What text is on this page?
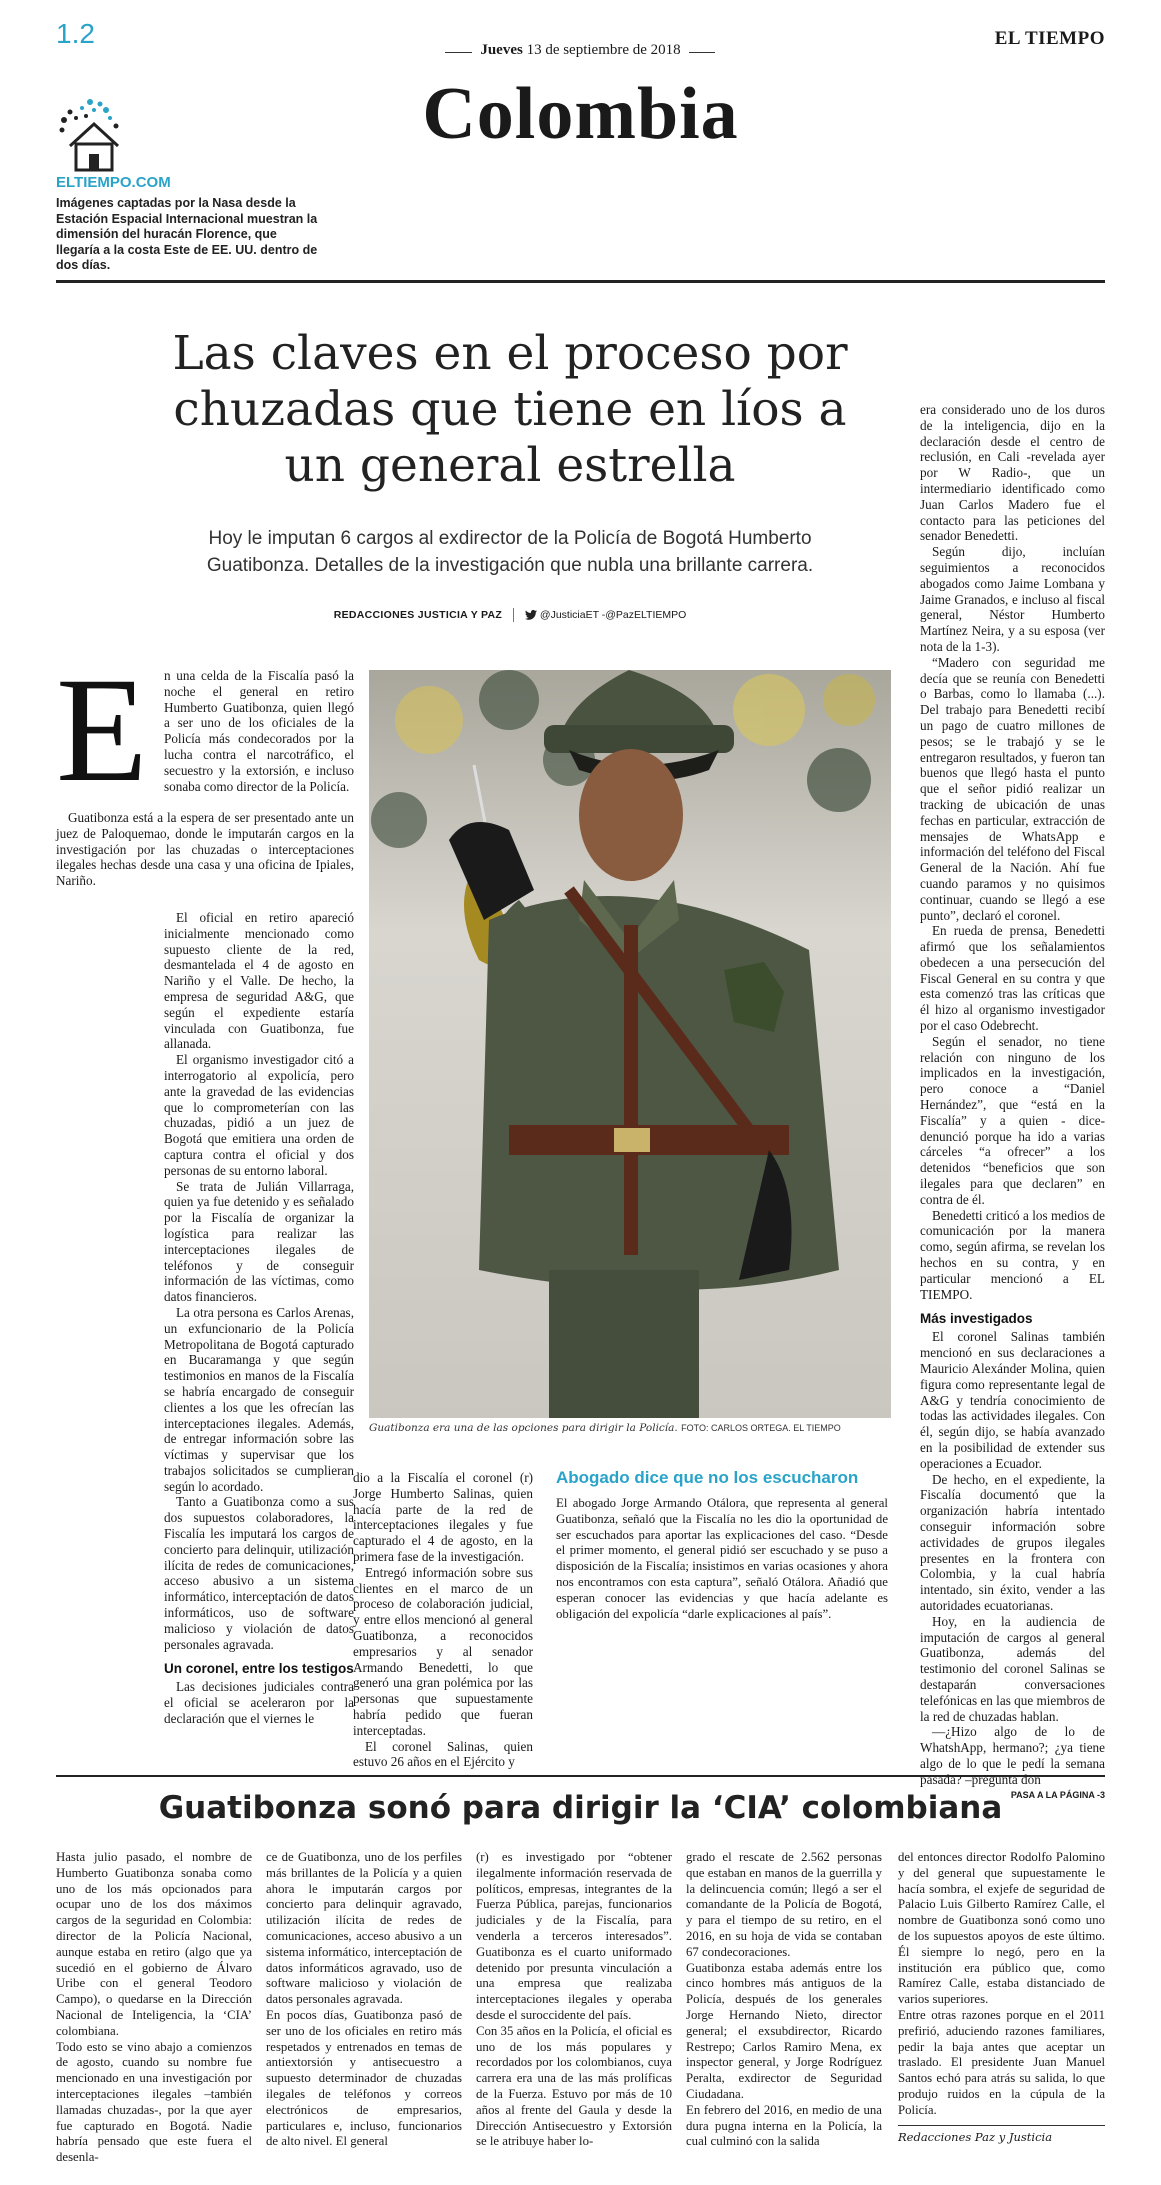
1.2
Jueves 13 de septiembre de 2018
EL TIEMPO
Colombia
ELTIEMPO.COM
Imágenes captadas por la Nasa desde la Estación Espacial Internacional muestran la dimensión del huracán Florence, que llegaría a la costa Este de EE. UU. dentro de dos días.
Las claves en el proceso por chuzadas que tiene en líos a un general estrella
Hoy le imputan 6 cargos al exdirector de la Policía de Bogotá Humberto Guatibonza. Detalles de la investigación que nubla una brillante carrera.
REDACCIONES JUSTICIA Y PAZ	@JusticiaET -@PazELTIEMPO
E n una celda de la Fiscalía pasó la noche el general en retiro Humberto Guatibonza, quien llegó a ser uno de los oficiales de la Policía más condecorados por la lucha contra el narcotráfico, el secuestro y la extorsión, e incluso sonaba como director de la Policía.

Guatibonza está a la espera de ser presentado ante un juez de Paloquemao, donde le imputarán cargos en la investigación por las chuzadas o interceptaciones ilegales hechas desde una casa y una oficina de Ipiales, Nariño.

El oficial en retiro apareció inicialmente mencionado como supuesto cliente de la red, desmantelada el 4 de agosto en Nariño y el Valle. De hecho, la empresa de seguridad A&G, que según el expediente estaría vinculada con Guatibonza, fue allanada.

El organismo investigador citó a interrogatorio al expolicía, pero ante la gravedad de las evidencias que lo comprometerían con las chuzadas, pidió a un juez de Bogotá que emitiera una orden de captura contra el oficial y dos personas de su entorno laboral.

Se trata de Julián Villarraga, quien ya fue detenido y es señalado por la Fiscalía de organizar la logística para realizar las interceptaciones ilegales de teléfonos y de conseguir información de las víctimas, como datos financieros.

La otra persona es Carlos Arenas, un exfuncionario de la Policía Metropolitana de Bogotá capturado en Bucaramanga y que según testimonios en manos de la Fiscalía se habría encargado de conseguir clientes a los que les ofrecían las interceptaciones ilegales. Además, de entregar información sobre las víctimas y supervisar que los trabajos solicitados se cumplieran según lo acordado.

Tanto a Guatibonza como a sus dos supuestos colaboradores, la Fiscalía les imputará los cargos de concierto para delinquir, utilización ilícita de redes de comunicaciones, acceso abusivo a un sistema informático, interceptación de datos informáticos, uso de software malicioso y violación de datos personales agravada.

Un coronel, entre los testigos

Las decisiones judiciales contra el oficial se aceleraron por la declaración que el viernes le

Guatibonza era una de las opciones para dirigir la Policía. FOTO: CARLOS ORTEGA. EL TIEMPO

dio a la Fiscalía el coronel (r) Jorge Humberto Salinas, quien hacía parte de la red de interceptaciones ilegales y fue capturado el 4 de agosto, en la primera fase de la investigación.

Entregó información sobre sus clientes en el marco de un proceso de colaboración judicial, y entre ellos mencionó al general Guatibonza, a reconocidos empresarios y al senador Armando Benedetti, lo que generó una gran polémica por las personas que supuestamente habría pedido que fueran interceptadas.

El coronel Salinas, quien estuvo 26 años en el Ejército y

Abogado dice que no los escucharon

El abogado Jorge Armando Otálora, que representa al general Guatibonza, señaló que la Fiscalía no les dio la oportunidad de ser escuchados para aportar las explicaciones del caso. “Desde el primer momento, el general pidió ser escuchado y se puso a disposición de la Fiscalía; insistimos en varias ocasiones y ahora nos encontramos con esta captura”, señaló Otálora. Añadió que esperan conocer las evidencias y que hacía adelante es obligación del expolicía “darle explicaciones al país”.

era considerado uno de los duros de la inteligencia, dijo en la declaración desde el centro de reclusión, en Cali -revelada ayer por W Radio-, que un intermediario identificado como Juan Carlos Madero fue el contacto para las peticiones del senador Benedetti.

Según dijo, incluían seguimientos a reconocidos abogados como Jaime Lombana y Jaime Granados, e incluso al fiscal general, Néstor Humberto Martínez Neira, y a su esposa (ver nota de la 1-3).

“Madero con seguridad me decía que se reunía con Benedetti o Barbas, como lo llamaba (...). Del trabajo para Benedetti recibí un pago de cuatro millones de pesos; se le trabajó y se le entregaron resultados, y fueron tan buenos que llegó hasta el punto que el señor pidió realizar un tracking de ubicación de unas fechas en particular, extracción de mensajes de WhatsApp e información del teléfono del Fiscal General de la Nación. Ahí fue cuando paramos y no quisimos continuar, cuando se llegó a ese punto”, declaró el coronel.

En rueda de prensa, Benedetti afirmó que los señalamientos obedecen a una persecución del Fiscal General en su contra y que esta comenzó tras las críticas que él hizo al organismo investigador por el caso Odebrecht.

Según el senador, no tiene relación con ninguno de los implicados en la investigación, pero conoce a “Daniel Hernández”, que “está en la Fiscalía” y a quien - dice- denunció porque ha ido a varias cárceles “a ofrecer” a los detenidos “beneficios que son ilegales para que declaren” en contra de él.

Benedetti criticó a los medios de comunicación por la manera como, según afirma, se revelan los hechos en su contra, y en particular mencionó a EL TIEMPO.

Más investigados

El coronel Salinas también mencionó en sus declaraciones a Mauricio Alexánder Molina, quien figura como representante legal de A&G y tendría conocimiento de todas las actividades ilegales. Con él, según dijo, se había avanzado en la posibilidad de extender sus operaciones a Ecuador.

De hecho, en el expediente, la Fiscalía documentó que la organización habría intentado conseguir información sobre actividades de grupos ilegales presentes en la frontera con Colombia, y la cual habría intentado, sin éxito, vender a las autoridades ecuatorianas.

Hoy, en la audiencia de imputación de cargos al general Guatibonza, además del testimonio del coronel Salinas se destaparán conversaciones telefónicas en las que miembros de la red de chuzadas hablan.

—¿Hizo algo de lo de WhatshApp, hermano?; ¿ya tiene algo de lo que le pedí la semana pasada? –pregunta don

PASA A LA PÁGINA -3
Guatibonza sonó para dirigir la ‘CIA’ colombiana
Hasta julio pasado, el nombre de Humberto Guatibonza sonaba como uno de los más opcionados para ocupar uno de los dos máximos cargos de la seguridad en Colombia: director de la Policía Nacional, aunque estaba en retiro (algo que ya sucedió en el gobierno de Álvaro Uribe con el general Teodoro Campo), o quedarse en la Dirección Nacional de Inteligencia, la ‘CIA’ colombiana.
Todo esto se vino abajo a comienzos de agosto, cuando su nombre fue mencionado en una investigación por interceptaciones ilegales –también llamadas chuzadas-, por la que ayer fue capturado en Bogotá. Nadie habría pensado que este fuera el desenla-
ce de Guatibonza, uno de los perfiles más brillantes de la Policía y a quien ahora le imputarán cargos por concierto para delinquir agravado, utilización ilícita de redes de comunicaciones, acceso abusivo a un sistema informático, interceptación de datos informáticos agravado, uso de software malicioso y violación de datos personales agravada.
En pocos días, Guatibonza pasó de ser uno de los oficiales en retiro más respetados y entrenados en temas de antiextorsión y antisecuestro a supuesto determinador de chuzadas ilegales de teléfonos y correos electrónicos de empresarios, particulares e, incluso, funcionarios de alto nivel. El general
(r) es investigado por “obtener ilegalmente información reservada de políticos, empresas, integrantes de la Fuerza Pública, parejas, funcionarios judiciales y de la Fiscalía, para venderla a terceros interesados”. Guatibonza es el cuarto uniformado detenido por presunta vinculación a una empresa que realizaba interceptaciones ilegales y operaba desde el suroccidente del país.
Con 35 años en la Policía, el oficial es uno de los más populares y recordados por los colombianos, cuya carrera era una de las más prolíficas de la Fuerza. Estuvo por más de 10 años al frente del Gaula y desde la Dirección Antisecuestro y Extorsión se le atribuye haber lo-
grado el rescate de 2.562 personas que estaban en manos de la guerrilla y la delincuencia común; llegó a ser el comandante de la Policía de Bogotá, y para el tiempo de su retiro, en el 2016, en su hoja de vida se contaban 67 condecoraciones.
Guatibonza estaba además entre los cinco hombres más antiguos de la Policía, después de los generales Jorge Hernando Nieto, director general; el exsubdirector, Ricardo Restrepo; Carlos Ramiro Mena, ex inspector general, y Jorge Rodríguez Peralta, exdirector de Seguridad Ciudadana.
En febrero del 2016, en medio de una dura pugna interna en la Policía, la cual culminó con la salida
del entonces director Rodolfo Palomino y del general que supuestamente le hacía sombra, el exjefe de seguridad de Palacio Luis Gilberto Ramírez Calle, el nombre de Guatibonza sonó como uno de los supuestos apoyos de este último. Él siempre lo negó, pero en la institución era público que, como Ramírez Calle, estaba distanciado de varios superiores.
Entre otras razones porque en el 2011 prefirió, aduciendo razones familiares, pedir la baja antes que aceptar un traslado. El presidente Juan Manuel Santos echó para atrás su salida, lo que produjo ruidos en la cúpula de la Policía.
Redacciones Paz y Justicia
